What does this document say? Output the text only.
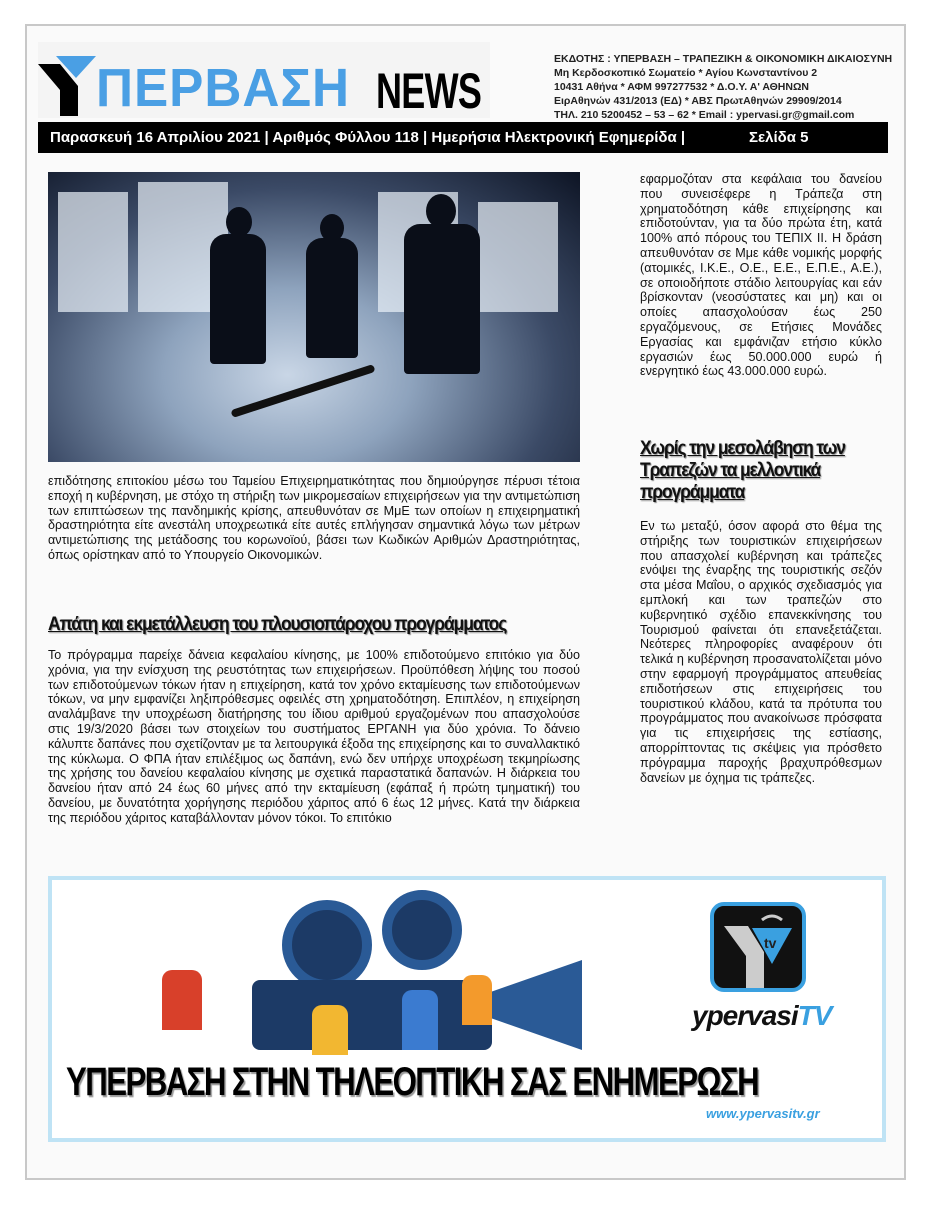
ΠΕΡΒΑΣΗ NEWS
ΕΚΔΟΤΗΣ : ΥΠΕΡΒΑΣΗ – ΤΡΑΠΕΖΙΚΗ & ΟΙΚΟΝΟΜΙΚΗ ΔΙΚΑΙΟΣΥΝΗ
Μη Κερδοσκοπικό Σωματείο * Αγίου Κωνσταντίνου 2
10431 Αθήνα * ΑΦΜ 997277532 * Δ.Ο.Υ. Α' ΑΘΗΝΩΝ
ΕιρΑθηνών 431/2013 (ΕΔ) * ΑΒΣ ΠρωτΑθηνών 29909/2014
ΤΗΛ. 210 5200452 – 53 – 62 * Email : ypervasi.gr@gmail.com
Παρασκευή 16 Απριλίου 2021 | Αριθμός Φύλλου 118 | Ημερήσια Ηλεκτρονική Εφημερίδα |	Σελίδα 5
επιδότησης επιτοκίου μέσω του Ταμείου Επιχειρηματικότητας που δημιούργησε πέρυσι τέτοια εποχή η κυβέρνηση, με στόχο τη στήριξη των μικρομεσαίων επιχειρήσεων για την αντιμετώπιση των επιπτώσεων της πανδημικής κρίσης, απευθυνόταν σε ΜμΕ των οποίων η επιχειρηματική δραστηριότητα είτε ανεστάλη υποχρεωτικά είτε αυτές επλήγησαν σημαντικά λόγω των μέτρων αντιμετώπισης της μετάδοσης του κορωνοϊού, βάσει των Κωδικών Αριθμών Δραστηριότητας, όπως ορίστηκαν από το Υπουργείο Οικονομικών.
Απάτη και εκμετάλλευση του πλουσιοπάροχου προγράμματος
Το πρόγραμμα παρείχε δάνεια κεφαλαίου κίνησης, με 100% επιδοτούμενο επιτόκιο για δύο χρόνια, για την ενίσχυση της ρευστότητας των επιχειρήσεων. Προϋπόθεση λήψης του ποσού των επιδοτούμενων τόκων ήταν η επιχείρηση, κατά τον χρόνο εκταμίευσης των επιδοτούμενων τόκων, να μην εμφανίζει ληξιπρόθεσμες οφειλές στη χρηματοδότηση. Επιπλέον, η επιχείρηση αναλάμβανε την υποχρέωση διατήρησης του ίδιου αριθμού εργαζομένων που απασχολούσε στις 19/3/2020 βάσει των στοιχείων του συστήματος ΕΡΓΑΝΗ για δύο χρόνια. Το δάνειο κάλυπτε δαπάνες που σχετίζονταν με τα λειτουργικά έξοδα της επιχείρησης και το συναλλακτικό της κύκλωμα. Ο ΦΠΑ ήταν επιλέξιμος ως δαπάνη, ενώ δεν υπήρχε υποχρέωση τεκμηρίωσης της χρήσης του δανείου κεφαλαίου κίνησης με σχετικά παραστατικά δαπανών. Η διάρκεια του δανείου ήταν από 24 έως 60 μήνες από την εκταμίευση (εφάπαξ ή πρώτη τμηματική) του δανείου, με δυνατότητα χορήγησης περιόδου χάριτος από 6 έως 12 μήνες. Κατά την διάρκεια της περιόδου χάριτος καταβάλλονταν μόνον τόκοι. Το επιτόκιο
εφαρμοζόταν στα κεφάλαια του δανείου που συνεισέφερε η Τράπεζα στη χρηματοδότηση κάθε επιχείρησης και επιδοτούνταν, για τα δύο πρώτα έτη, κατά 100% από πόρους του ΤΕΠΙΧ ΙΙ. Η δράση απευθυνόταν σε Μμε κάθε νομικής μορφής (ατομικές, Ι.Κ.Ε., Ο.Ε., Ε.Ε., Ε.Π.Ε., Α.Ε.), σε οποιοδήποτε στάδιο λειτουργίας και εάν βρίσκονταν (νεοσύστατες και μη) και οι οποίες απασχολούσαν έως 250 εργαζόμενους, σε Ετήσιες Μονάδες Εργασίας και εμφάνιζαν ετήσιο κύκλο εργασιών έως 50.000.000 ευρώ ή ενεργητικό έως 43.000.000 ευρώ.
Χωρίς την μεσολάβηση των Τραπεζών τα μελλοντικά προγράμματα
Εν τω μεταξύ, όσον αφορά στο θέμα της στήριξης των τουριστικών επιχειρήσεων που απασχολεί κυβέρνηση και τράπεζες ενόψει της έναρξης της τουριστικής σεζόν στα μέσα Μαΐου, ο αρχικός σχεδιασμός για εμπλοκή και των τραπεζών στο κυβερνητικό σχέδιο επανεκκίνησης του Τουρισμού φαίνεται ότι επανεξετάζεται. Νεότερες πληροφορίες αναφέρουν ότι τελικά η κυβέρνηση προσανατολίζεται μόνο στην εφαρμογή προγράμματος απευθείας επιδοτήσεων στις επιχειρήσεις του τουριστικού κλάδου, κατά τα πρότυπα του προγράμματος που ανακοίνωσε πρόσφατα για τις επιχειρήσεις της εστίασης, απορρίπτοντας τις σκέψεις για πρόσθετο πρόγραμμα παροχής βραχυπρόθεσμων δανείων με όχημα τις τράπεζες.
ΥΠΕΡΒΑΣΗ ΣΤΗΝ ΤΗΛΕΟΠΤΙΚΗ ΣΑΣ ΕΝΗΜΕΡΩΣΗ
tv
ypervasiTV
www.ypervasitv.gr
